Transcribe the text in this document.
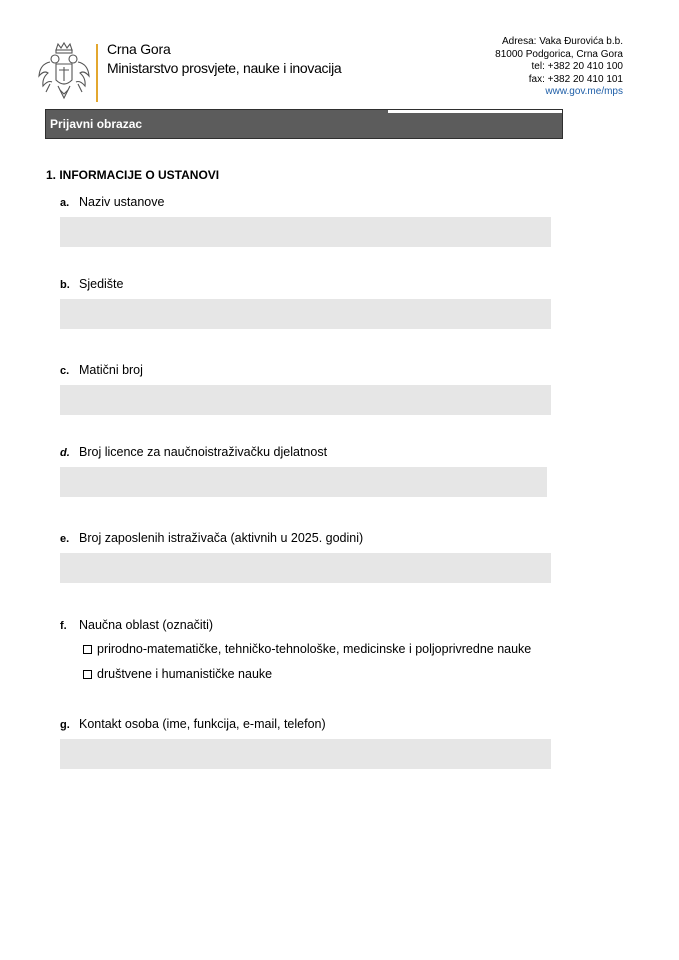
Crna Gora
Ministarstvo prosvjete, nauke i inovacija
Adresa: Vaka Đurovića b.b.
81000 Podgorica, Crna Gora
tel: +382 20 410 100
fax: +382 20 410 101
www.gov.me/mps
Prijavni obrazac
1. INFORMACIJE O USTANOVI
a. Naziv ustanove
b. Sjedište
c. Matični broj
d. Broj licence za naučnoistraživačku djelatnost
e. Broj zaposlenih istraživača (aktivnih u 2025. godini)
f. Naučna oblast (označiti)
prirodno-matematičke, tehničko-tehnološke, medicinske i poljoprivredne nauke
društvene i humanističke nauke
g. Kontakt osoba (ime, funkcija, e-mail, telefon)
